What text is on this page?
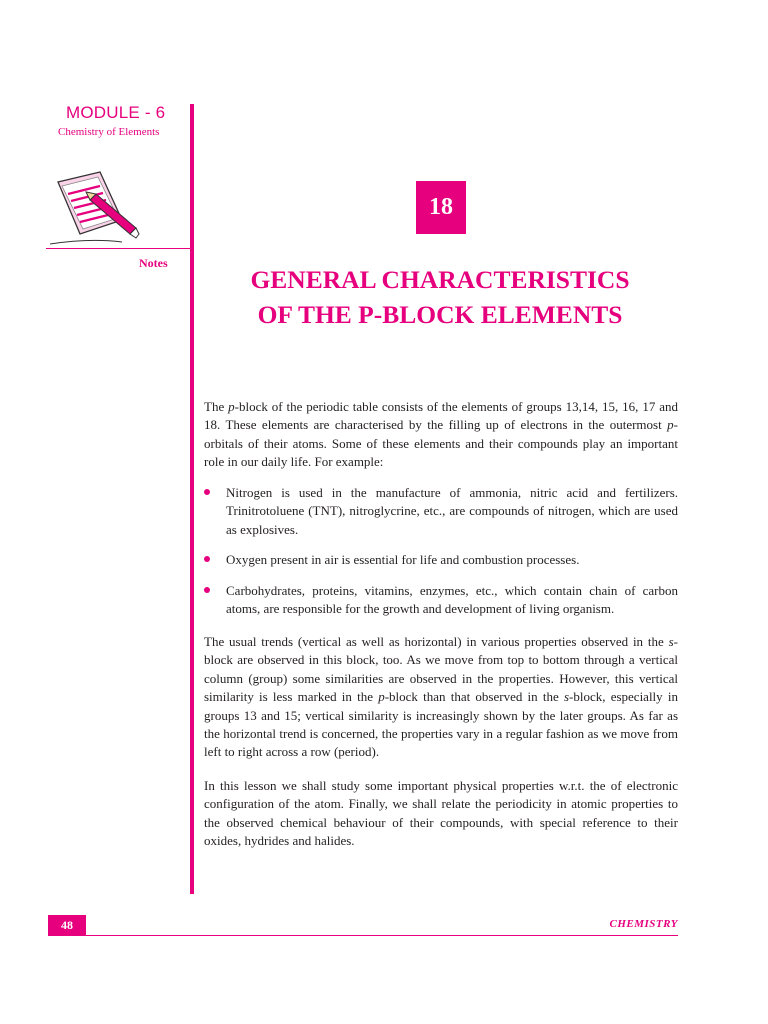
MODULE - 6
Chemistry of Elements
Notes
18
GENERAL CHARACTERISTICS
OF THE P-BLOCK ELEMENTS
The p-block of the periodic table consists of the elements of groups 13,14, 15, 16, 17 and 18. These elements are characterised by the filling up of electrons in the outermost p-orbitals of their atoms. Some of these elements and their compounds play an important role in our daily life. For example:
Nitrogen is used in the manufacture of ammonia, nitric acid and fertilizers. Trinitrotoluene (TNT), nitroglycrine, etc., are compounds of nitrogen, which are used as explosives.
Oxygen present in air is essential for life and combustion processes.
Carbohydrates, proteins, vitamins, enzymes, etc., which contain chain of carbon atoms, are responsible for the growth and development of living organism.
The usual trends (vertical as well as horizontal) in various properties observed in the s-block are observed in this block, too. As we move from top to bottom through a vertical column (group) some similarities are observed in the properties. However, this vertical similarity is less marked in the p-block than that observed in the s-block, especially in groups 13 and 15; vertical similarity is increasingly shown by the later groups. As far as the horizontal trend is concerned, the properties vary in a regular fashion as we move from left to right across a row (period).
In this lesson we shall study some important physical properties w.r.t. the of electronic configuration of the atom. Finally, we shall relate the periodicity in atomic properties to the observed chemical behaviour of their compounds, with special reference to their oxides, hydrides and halides.
48	CHEMISTRY
